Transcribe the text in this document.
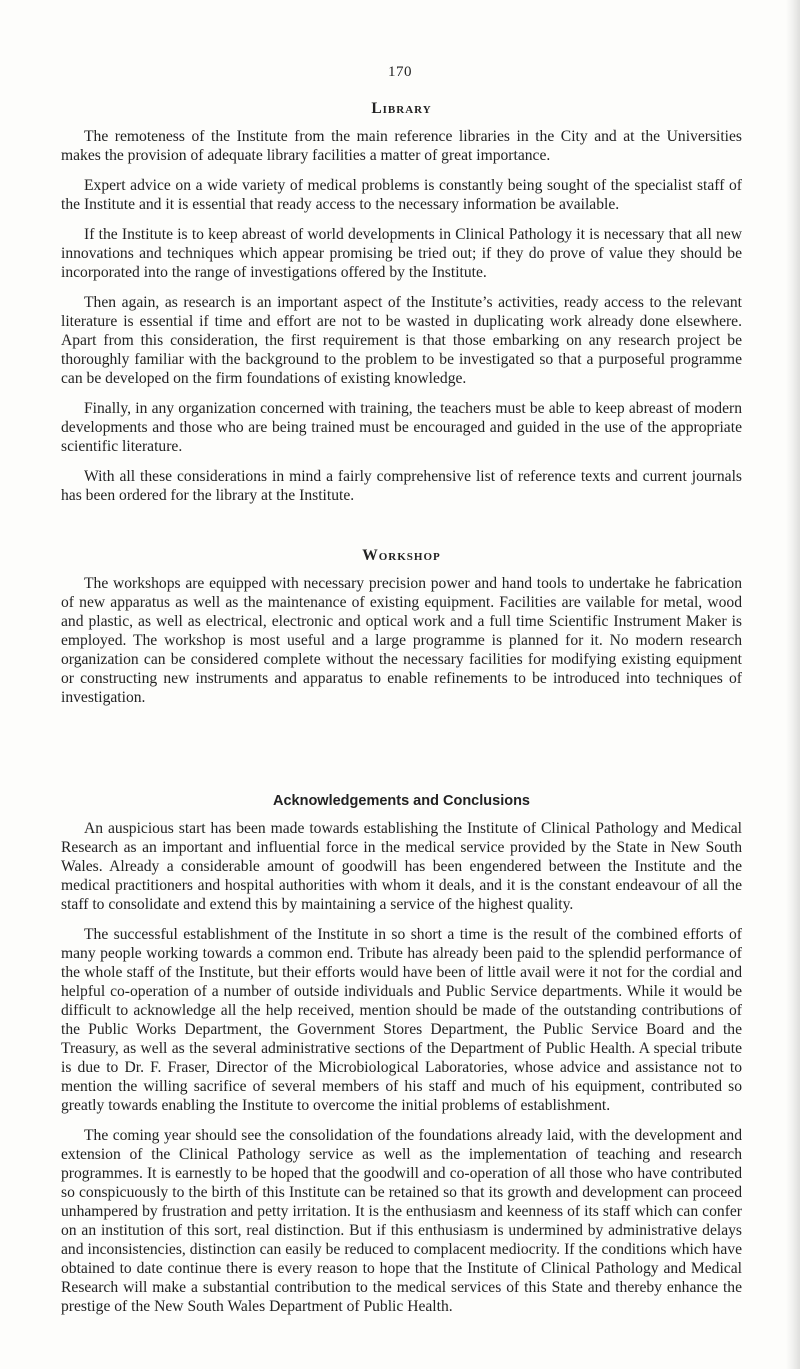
170
Library

The remoteness of the Institute from the main reference libraries in the City and at the Universities makes the provision of adequate library facilities a matter of great importance.

Expert advice on a wide variety of medical problems is constantly being sought of the specialist staff of the Institute and it is essential that ready access to the necessary information be available.

If the Institute is to keep abreast of world developments in Clinical Pathology it is necessary that all new innovations and techniques which appear promising be tried out; if they do prove of value they should be incorporated into the range of investigations offered by the Institute.

Then again, as research is an important aspect of the Institute’s activities, ready access to the relevant literature is essential if time and effort are not to be wasted in duplicating work already done elsewhere. Apart from this consideration, the first requirement is that those embarking on any research project be thoroughly familiar with the background to the problem to be investigated so that a purposeful programme can be developed on the firm foundations of existing knowledge.

Finally, in any organization concerned with training, the teachers must be able to keep abreast of modern developments and those who are being trained must be encouraged and guided in the use of the appropriate scientific literature.

With all these considerations in mind a fairly comprehensive list of reference texts and current journals has been ordered for the library at the Institute.

Workshop

The workshops are equipped with necessary precision power and hand tools to undertake he fabrication of new apparatus as well as the maintenance of existing equipment. Facilities are vailable for metal, wood and plastic, as well as electrical, electronic and optical work and a full time Scientific Instrument Maker is employed. The workshop is most useful and a large programme is planned for it. No modern research organization can be considered complete without the necessary facilities for modifying existing equipment or constructing new instruments and apparatus to enable refinements to be introduced into techniques of investigation.

Acknowledgements and Conclusions

An auspicious start has been made towards establishing the Institute of Clinical Pathology and Medical Research as an important and influential force in the medical service provided by the State in New South Wales. Already a considerable amount of goodwill has been engendered between the Institute and the medical practitioners and hospital authorities with whom it deals, and it is the constant endeavour of all the staff to consolidate and extend this by maintaining a service of the highest quality.

The successful establishment of the Institute in so short a time is the result of the combined efforts of many people working towards a common end. Tribute has already been paid to the splendid performance of the whole staff of the Institute, but their efforts would have been of little avail were it not for the cordial and helpful co-operation of a number of outside individuals and Public Service departments. While it would be difficult to acknowledge all the help received, mention should be made of the outstanding contributions of the Public Works Department, the Government Stores Department, the Public Service Board and the Treasury, as well as the several administrative sections of the Department of Public Health. A special tribute is due to Dr. F. Fraser, Director of the Microbiological Laboratories, whose advice and assistance not to mention the willing sacrifice of several members of his staff and much of his equipment, contributed so greatly towards enabling the Institute to overcome the initial problems of establishment.

The coming year should see the consolidation of the foundations already laid, with the development and extension of the Clinical Pathology service as well as the implementation of teaching and research programmes. It is earnestly to be hoped that the goodwill and co-operation of all those who have contributed so conspicuously to the birth of this Institute can be retained so that its growth and development can proceed unhampered by frustration and petty irritation. It is the enthusiasm and keenness of its staff which can confer on an institution of this sort, real distinction. But if this enthusiasm is undermined by administrative delays and inconsistencies, distinction can easily be reduced to complacent mediocrity. If the conditions which have obtained to date continue there is every reason to hope that the Institute of Clinical Pathology and Medical Research will make a substantial contribution to the medical services of this State and thereby enhance the prestige of the New South Wales Department of Public Health.
